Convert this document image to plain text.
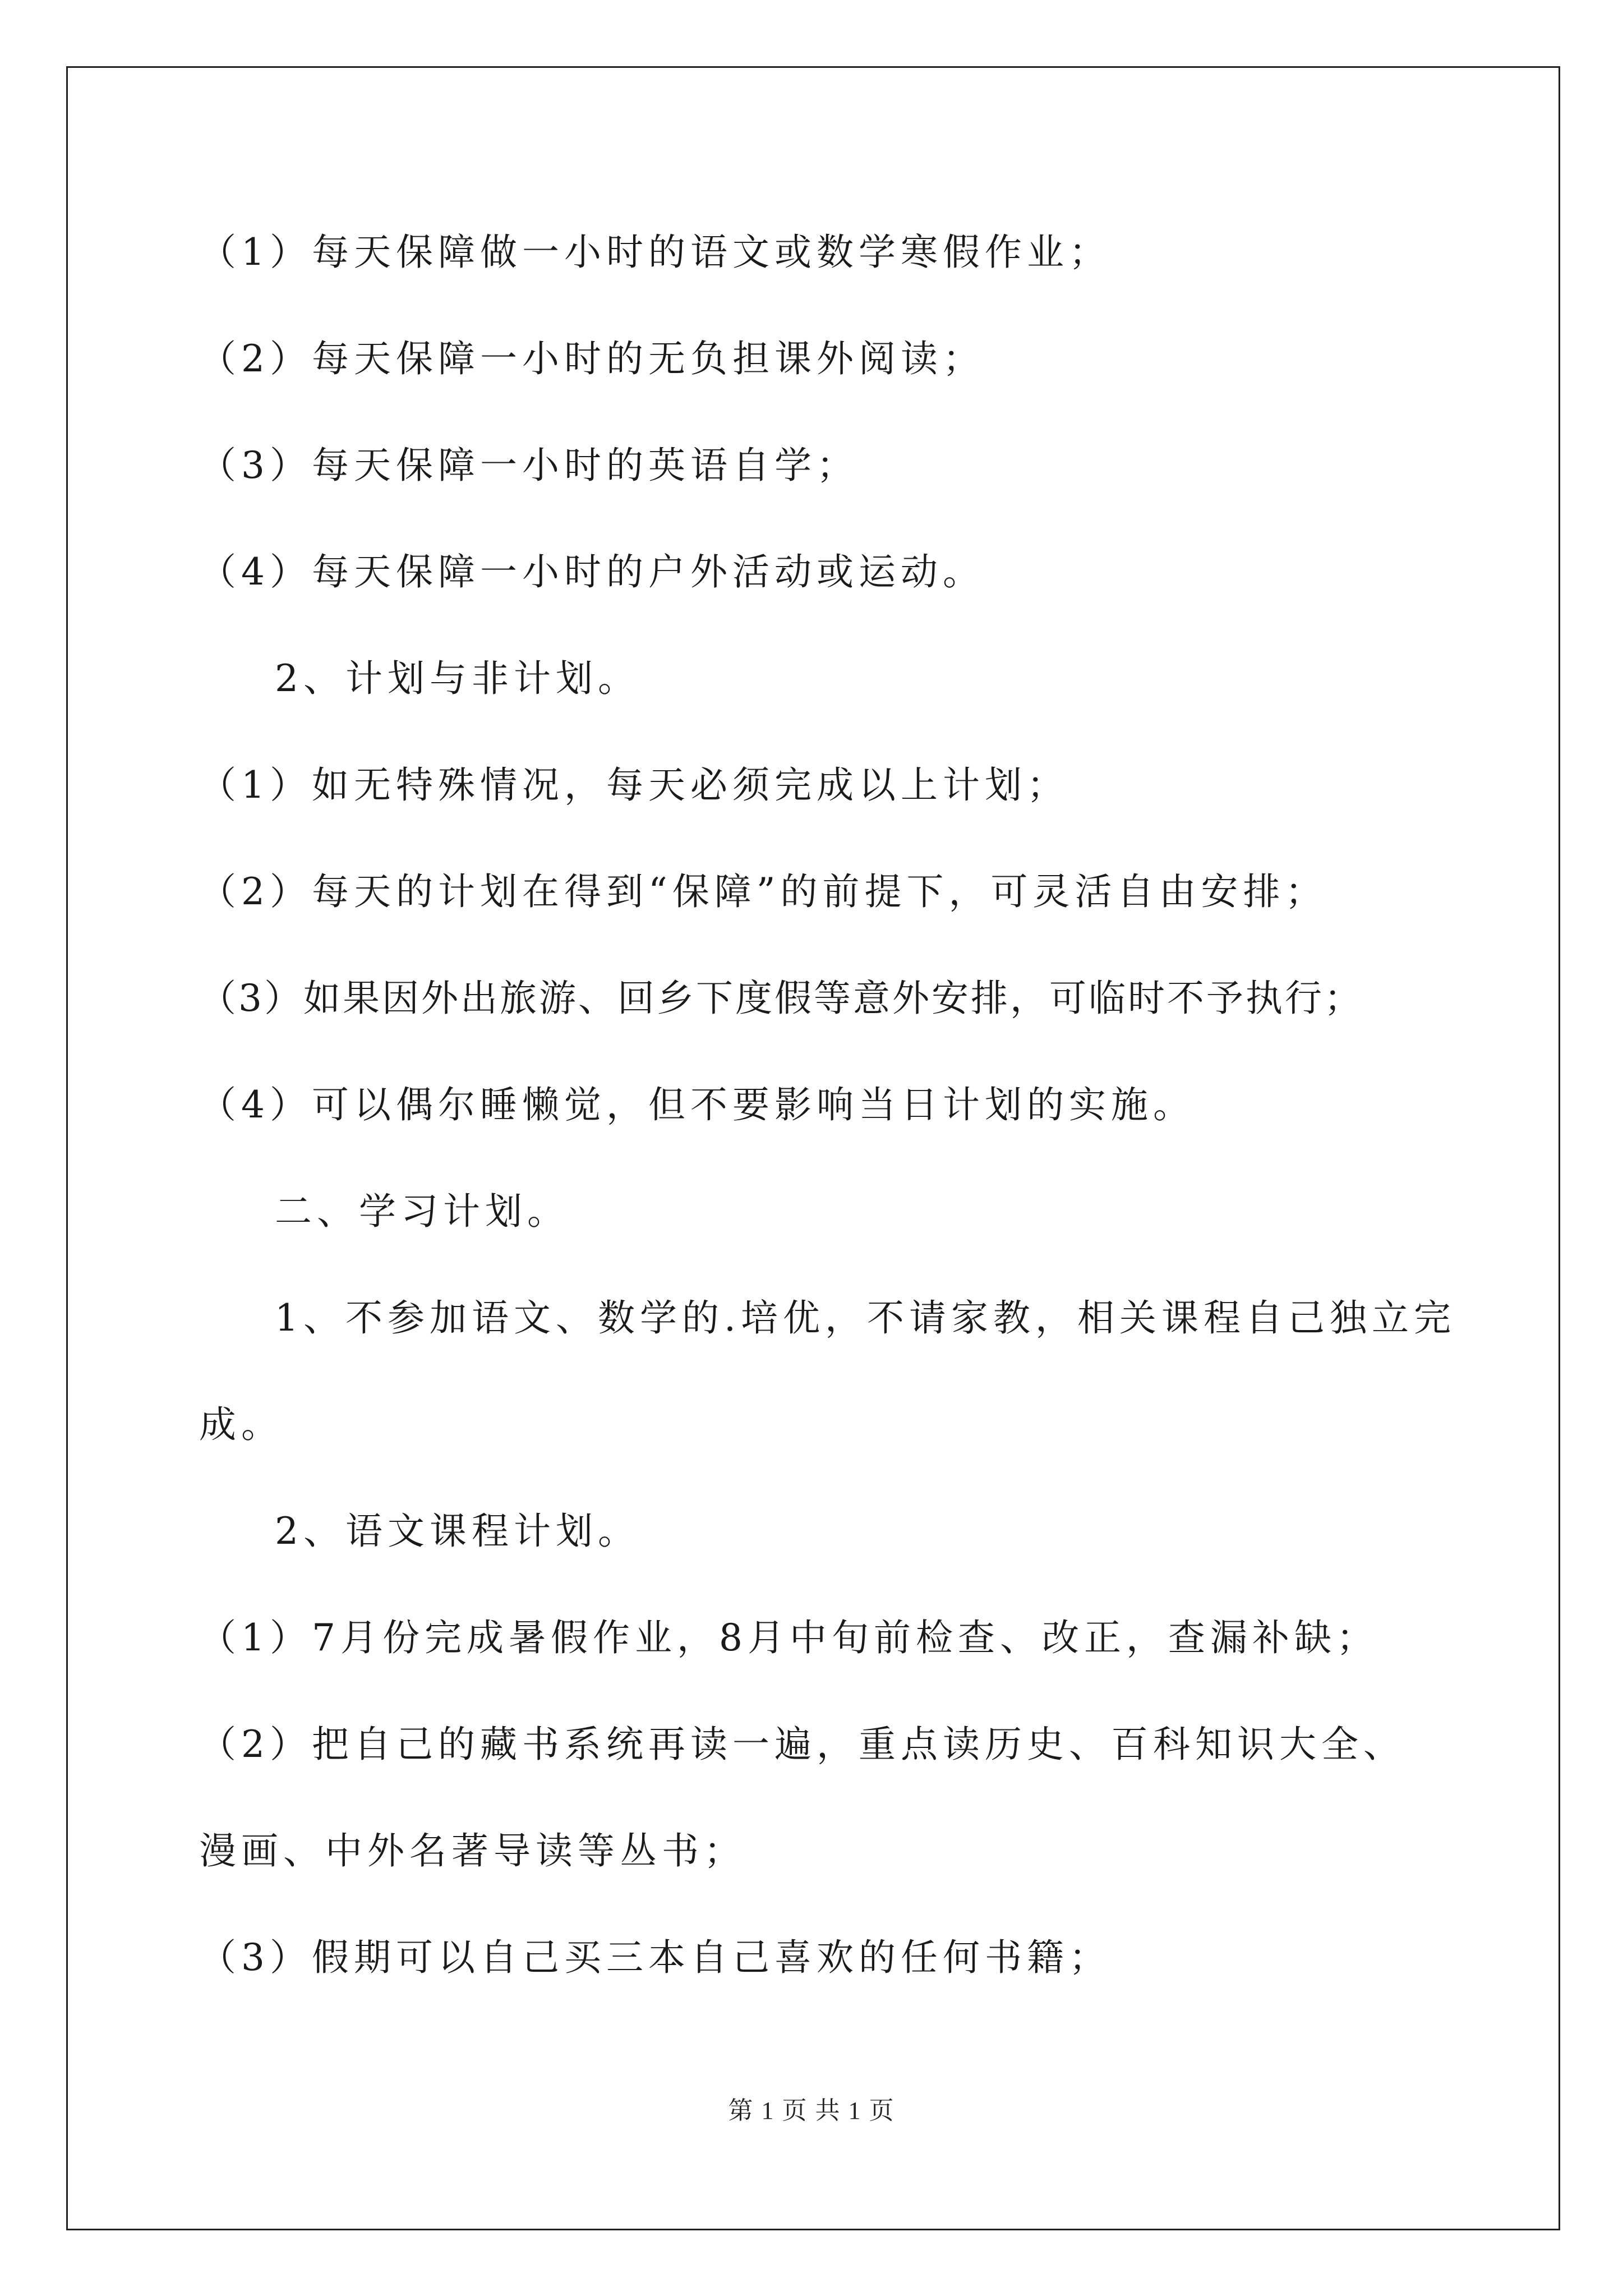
（1）每天保障做一小时的语文或数学寒假作业；
（2）每天保障一小时的无负担课外阅读；
（3）每天保障一小时的英语自学；
（4）每天保障一小时的户外活动或运动。
2、计划与非计划。
（1）如无特殊情况，每天必须完成以上计划；
（2）每天的计划在得到“保障”的前提下，可灵活自由安排；
（3）如果因外出旅游、回乡下度假等意外安排，可临时不予执行；
（4）可以偶尔睡懒觉，但不要影响当日计划的实施。
二、学习计划。
1、不参加语文、数学的.培优，不请家教，相关课程自己独立完
成。
2、语文课程计划。
（1）7月份完成暑假作业，8月中旬前检查、改正，查漏补缺；
（2）把自己的藏书系统再读一遍，重点读历史、百科知识大全、
漫画、中外名著导读等丛书；
（3）假期可以自己买三本自己喜欢的任何书籍；
第 1 页 共 1 页
